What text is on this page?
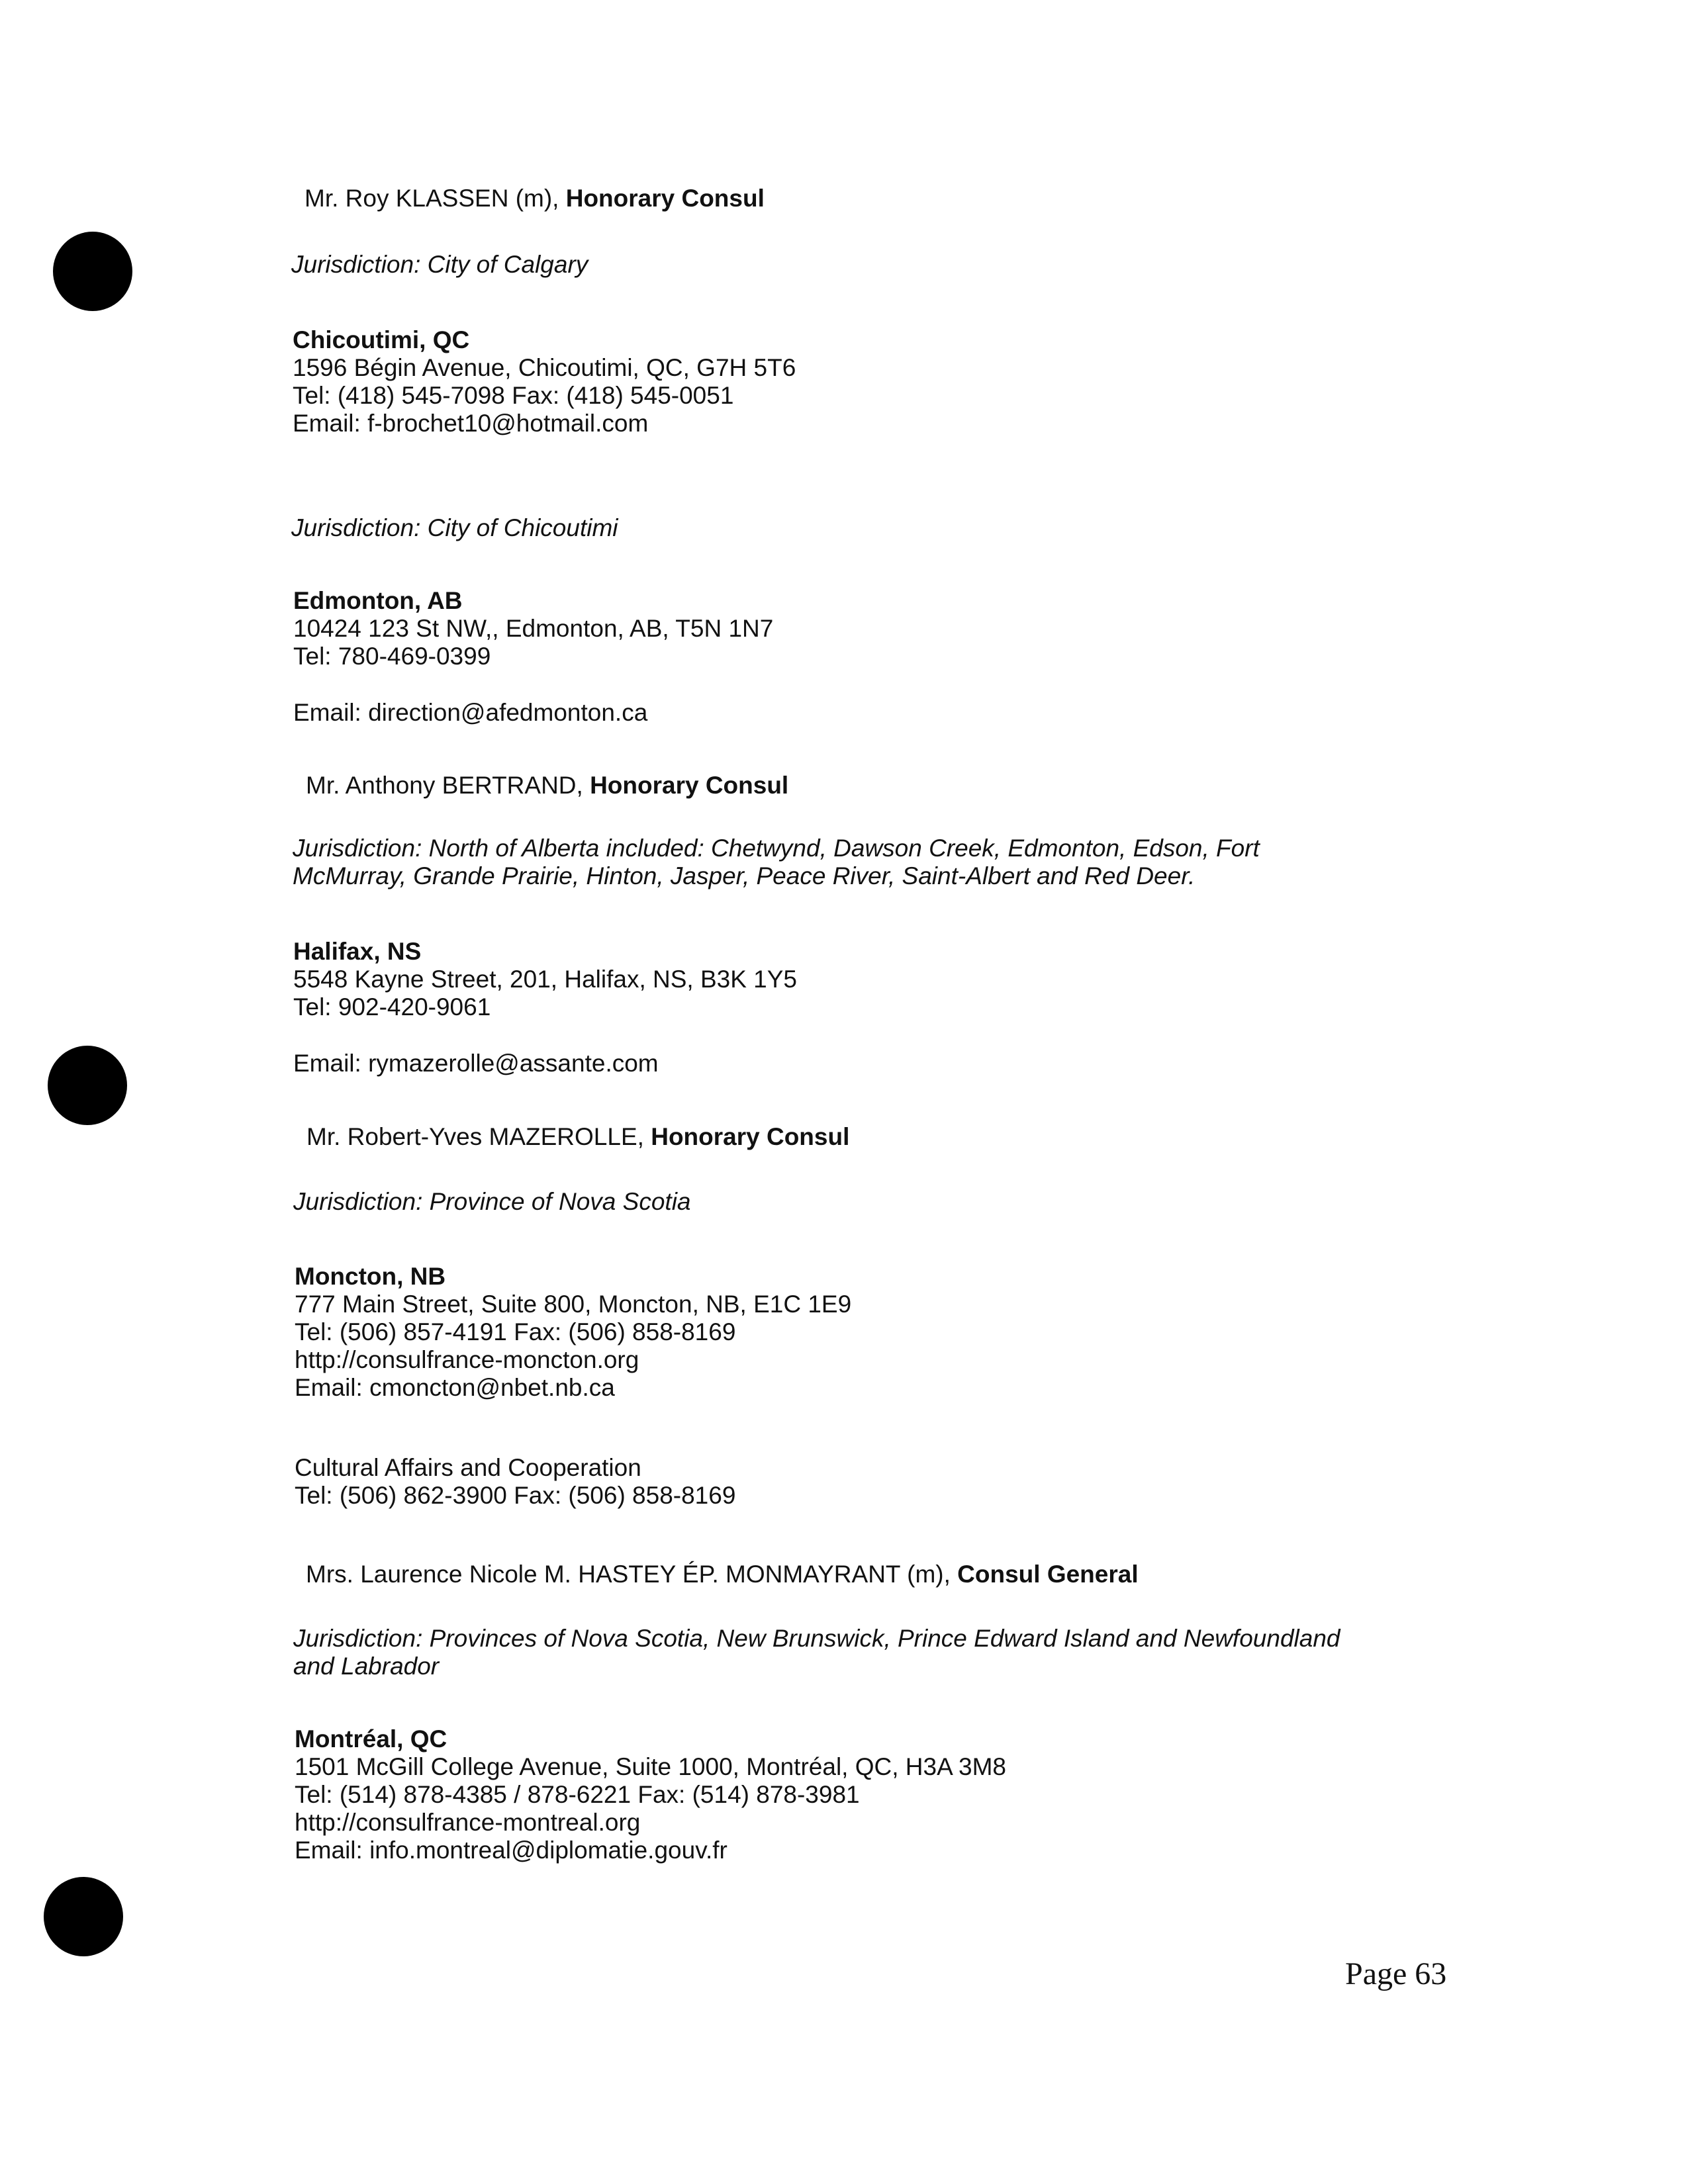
Mr. Roy KLASSEN (m), Honorary Consul
Jurisdiction: City of Calgary
Chicoutimi, QC
1596 Bégin Avenue, Chicoutimi, QC, G7H 5T6
Tel: (418) 545-7098 Fax: (418) 545-0051
Email: f-brochet10@hotmail.com
Jurisdiction: City of Chicoutimi
Edmonton, AB
10424 123 St NW,, Edmonton, AB, T5N 1N7
Tel: 780-469-0399
Email: direction@afedmonton.ca
Mr. Anthony BERTRAND, Honorary Consul
Jurisdiction: North of Alberta included: Chetwynd, Dawson Creek, Edmonton, Edson, Fort
McMurray, Grande Prairie, Hinton, Jasper, Peace River, Saint-Albert and Red Deer.
Halifax, NS
5548 Kayne Street, 201, Halifax, NS, B3K 1Y5
Tel: 902-420-9061
Email: rymazerolle@assante.com
Mr. Robert-Yves MAZEROLLE, Honorary Consul
Jurisdiction: Province of Nova Scotia
Moncton, NB
777 Main Street, Suite 800, Moncton, NB, E1C 1E9
Tel: (506) 857-4191 Fax: (506) 858-8169
http://consulfrance-moncton.org
Email: cmoncton@nbet.nb.ca
Cultural Affairs and Cooperation
Tel: (506) 862-3900 Fax: (506) 858-8169
Mrs. Laurence Nicole M. HASTEY ÉP. MONMAYRANT (m), Consul General
Jurisdiction: Provinces of Nova Scotia, New Brunswick, Prince Edward Island and Newfoundland
and Labrador
Montréal, QC
1501 McGill College Avenue, Suite 1000, Montréal, QC, H3A 3M8
Tel: (514) 878-4385 / 878-6221 Fax: (514) 878-3981
http://consulfrance-montreal.org
Email: info.montreal@diplomatie.gouv.fr
Page 63
